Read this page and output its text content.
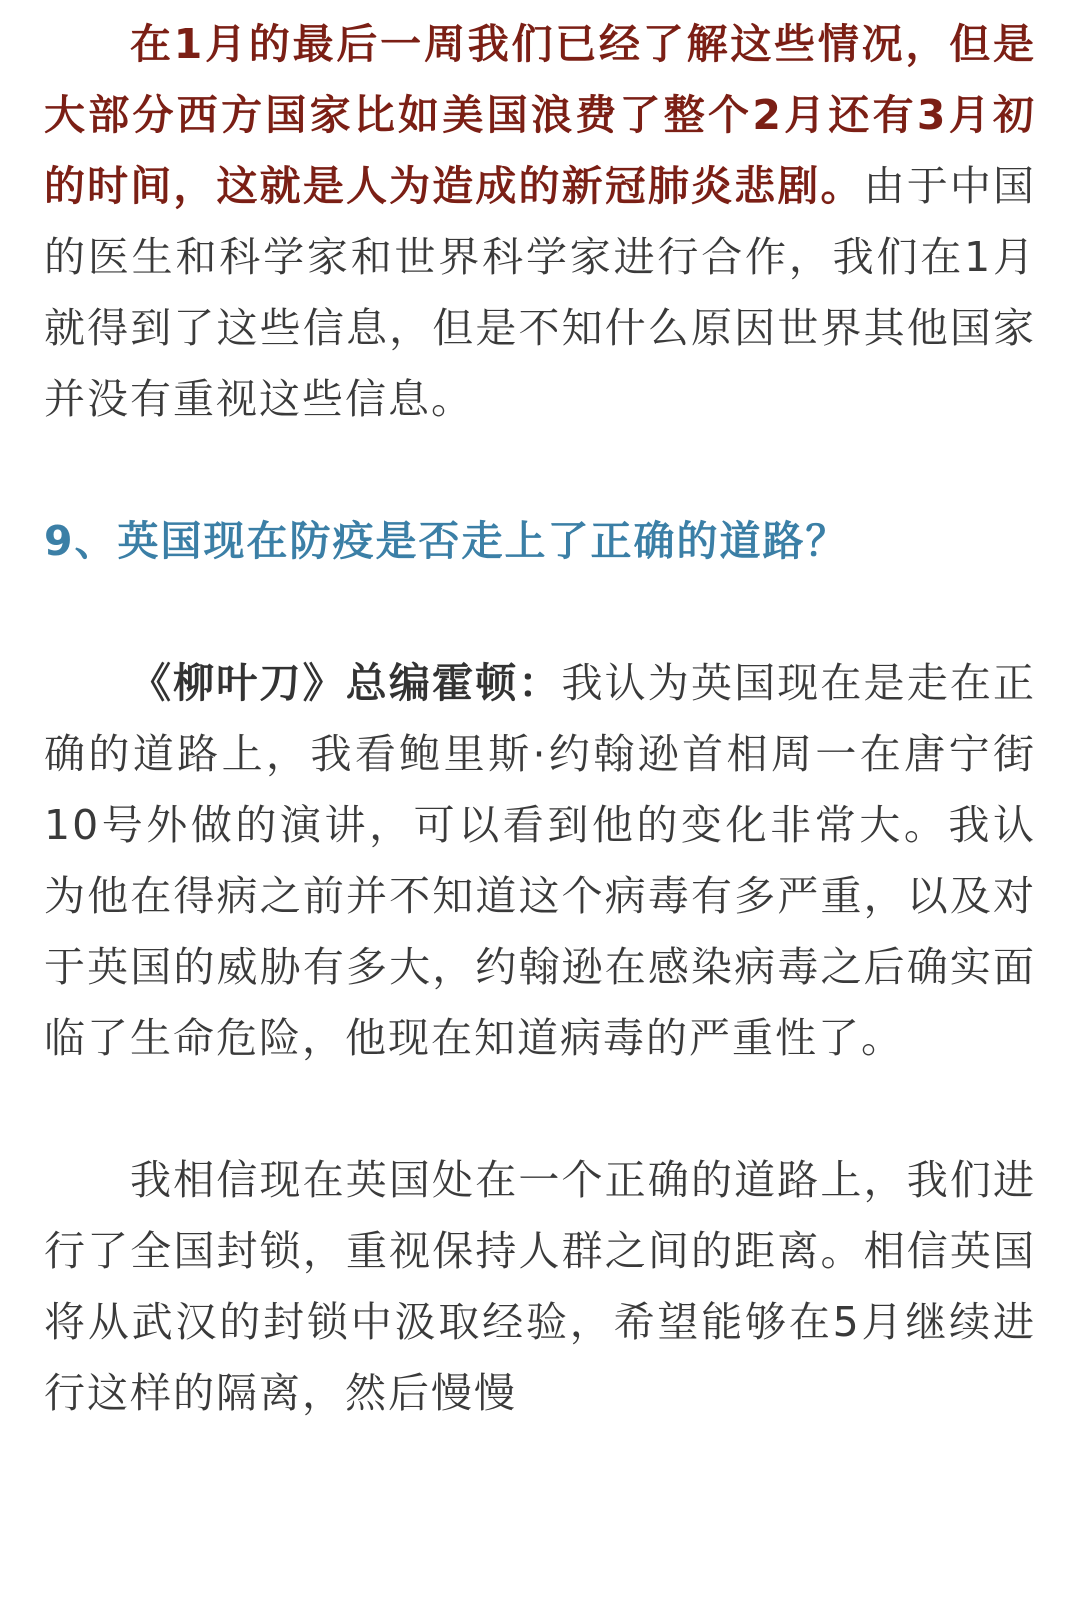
在1月的最后一周我们已经了解这些情况，但是大部分西方国家比如美国浪费了整个2月还有3月初的时间，这就是人为造成的新冠肺炎悲剧。由于中国的医生和科学家和世界科学家进行合作，我们在1月就得到了这些信息，但是不知什么原因世界其他国家并没有重视这些信息。

9、英国现在防疫是否走上了正确的道路？

《柳叶刀》总编霍顿：我认为英国现在是走在正确的道路上，我看鲍里斯·约翰逊首相周一在唐宁街10号外做的演讲，可以看到他的变化非常大。我认为他在得病之前并不知道这个病毒有多严重，以及对于英国的威胁有多大，约翰逊在感染病毒之后确实面临了生命危险，他现在知道病毒的严重性了。

我相信现在英国处在一个正确的道路上，我们进行了全国封锁，重视保持人群之间的距离。相信英国将从武汉的封锁中汲取经验，希望能够在5月继续进行这样的隔离，然后慢慢
